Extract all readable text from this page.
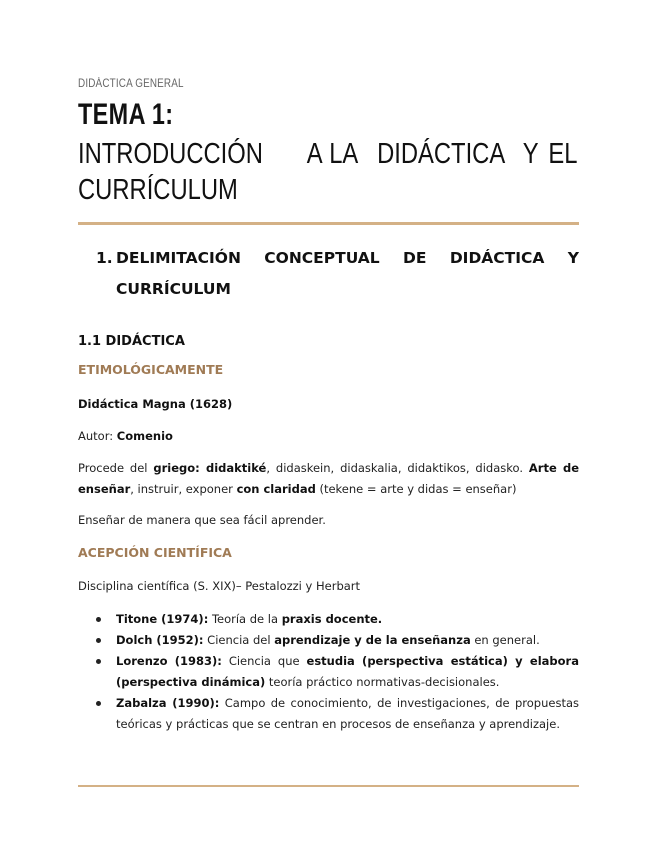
DIDÁCTICA GENERAL
TEMA 1:
INTRODUCCIÓN A LA DIDÁCTICA Y EL
CURRÍCULUM
1. DELIMITACIÓN CONCEPTUAL DE DIDÁCTICA Y
CURRÍCULUM
1.1 DIDÁCTICA
ETIMOLÓGICAMENTE
Didáctica Magna (1628)
Autor: Comenio
Procede del griego: didaktiké, didaskein, didaskalia, didaktikos, didasko. Arte de enseñar, instruir, exponer con claridad (tekene = arte y didas = enseñar)
Enseñar de manera que sea fácil aprender.
ACEPCIÓN CIENTÍFICA
Disciplina científica (S. XIX)– Pestalozzi y Herbart
Titone (1974): Teoría de la praxis docente.
Dolch (1952): Ciencia del aprendizaje y de la enseñanza en general.
Lorenzo (1983): Ciencia que estudia (perspectiva estática) y elabora (perspectiva dinámica) teoría práctico normativas-decisionales.
Zabalza (1990): Campo de conocimiento, de investigaciones, de propuestas teóricas y prácticas que se centran en procesos de enseñanza y aprendizaje.
